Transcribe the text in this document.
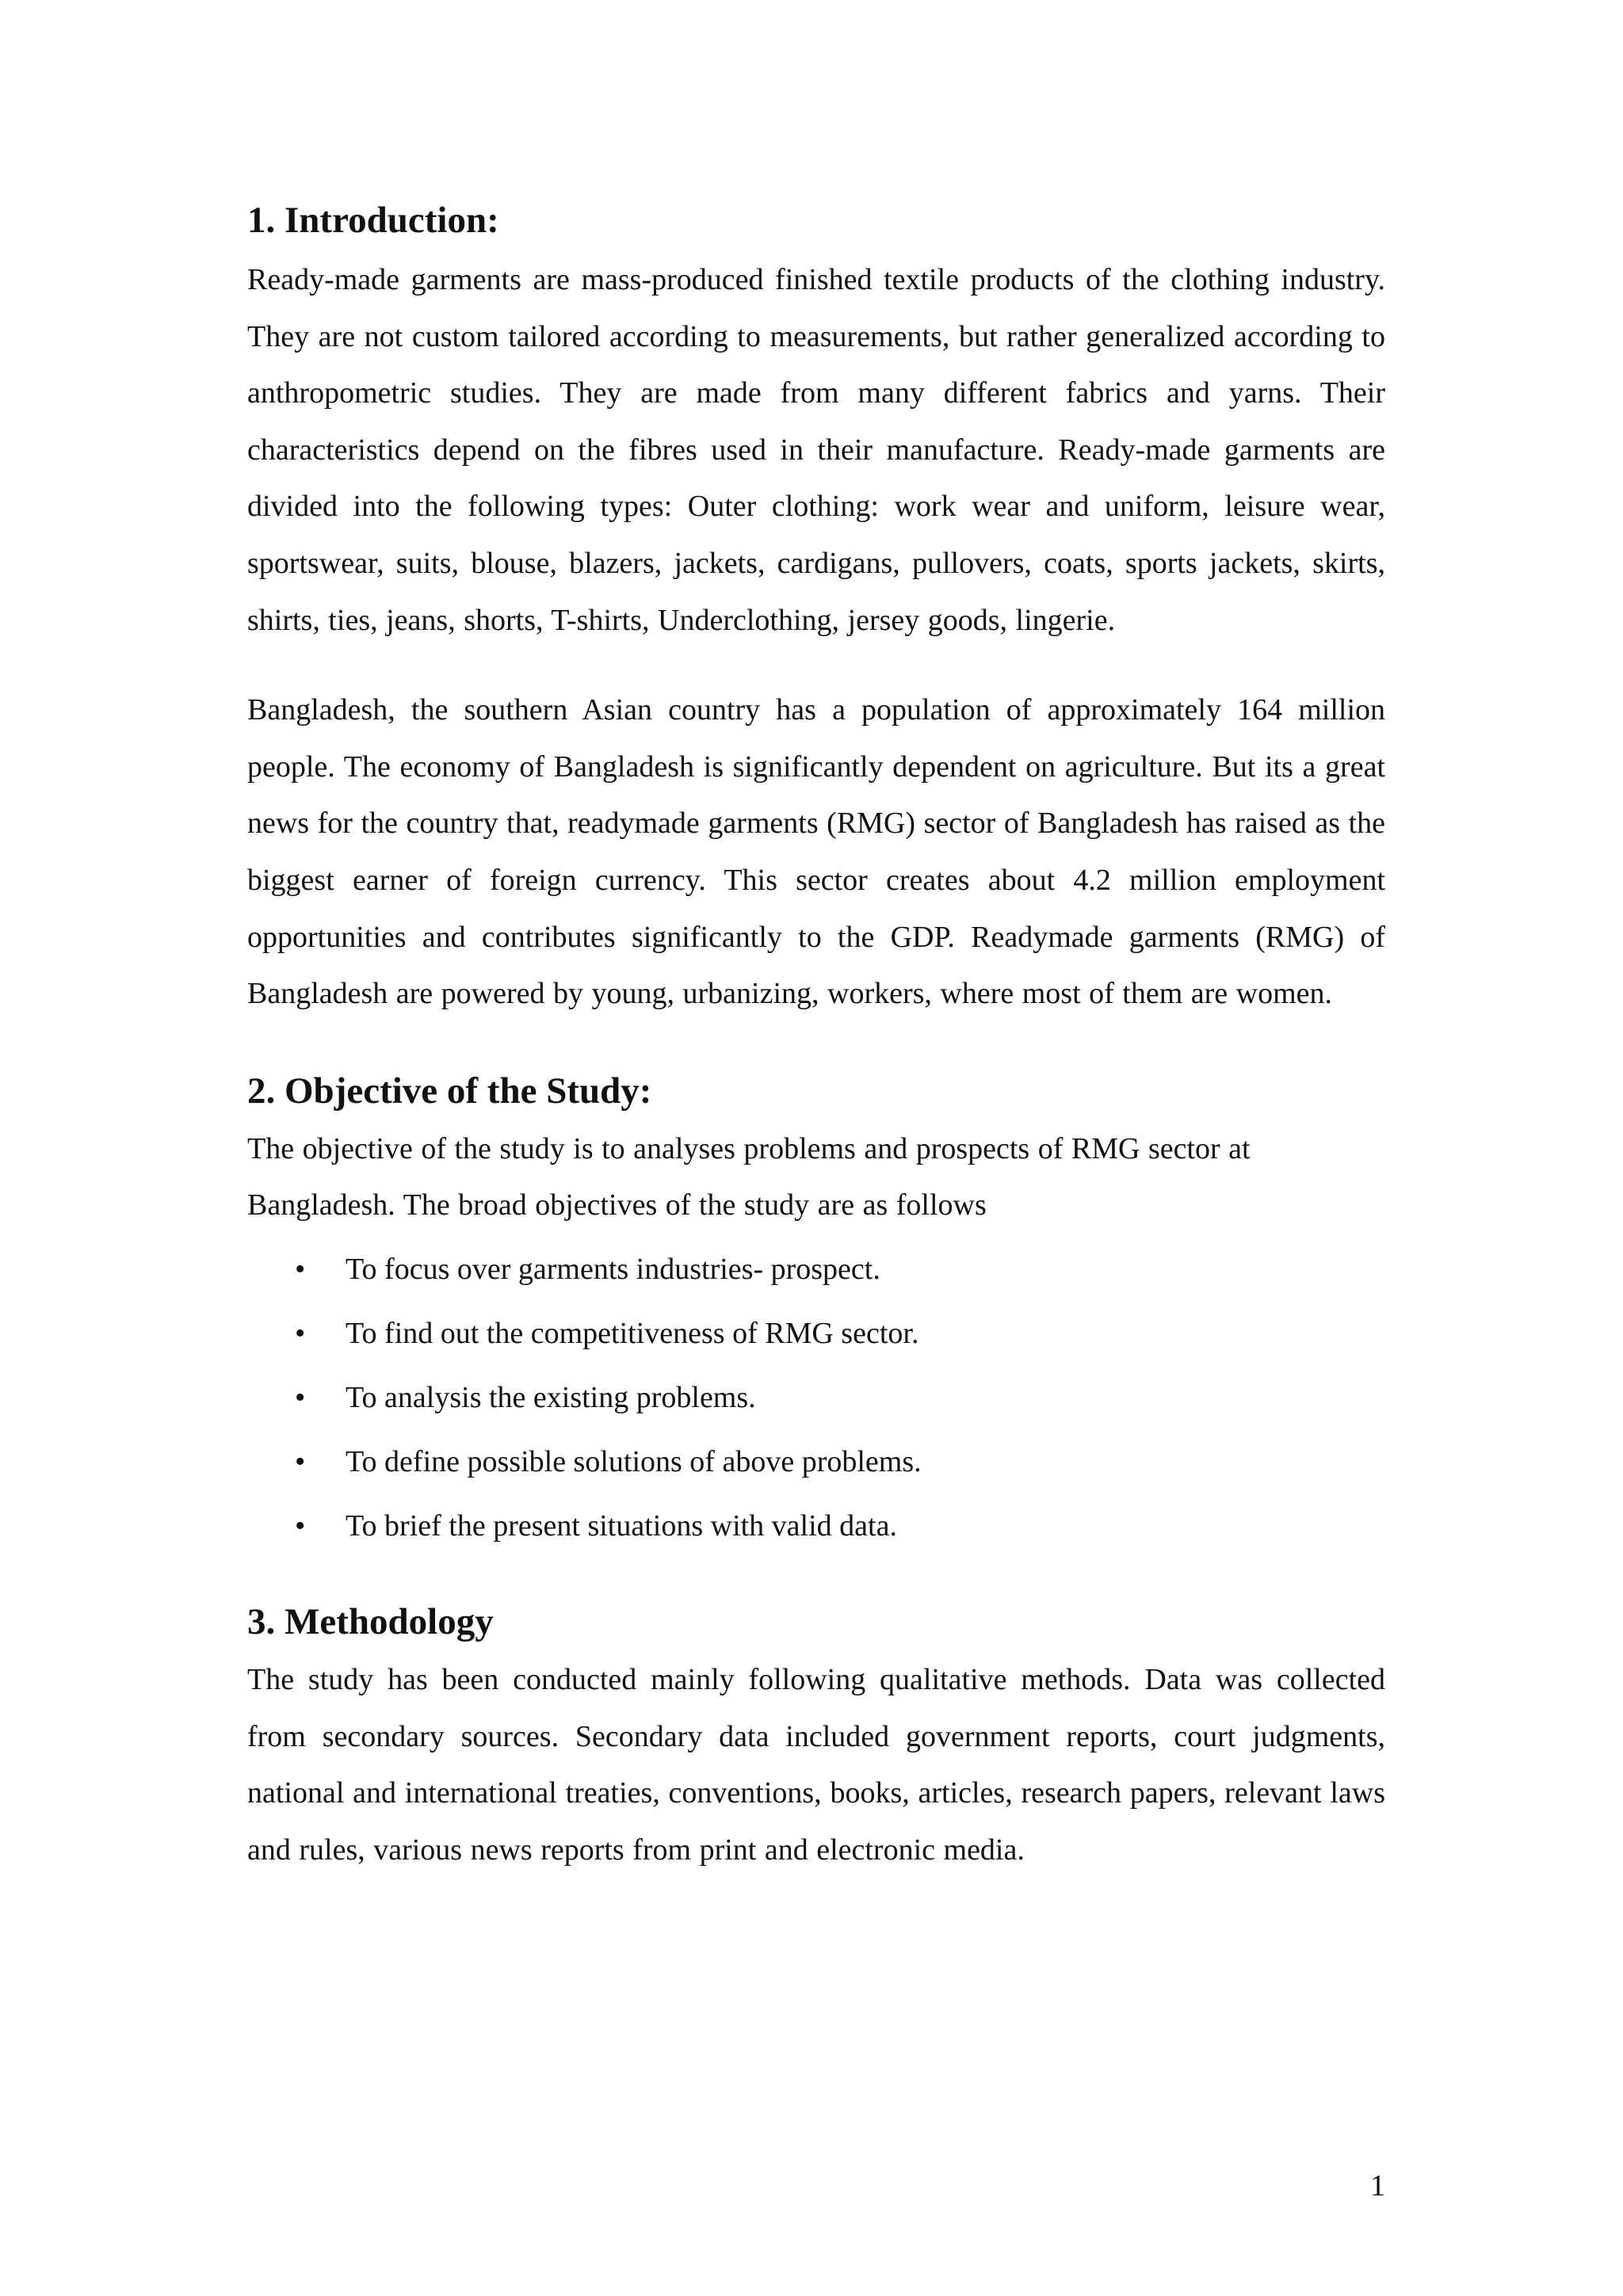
1. Introduction:

Ready-made garments are mass-produced finished textile products of the clothing industry. They are not custom tailored according to measurements, but rather generalized according to anthropometric studies. They are made from many different fabrics and yarns. Their characteristics depend on the fibres used in their manufacture. Ready-made garments are divided into the following types: Outer clothing: work wear and uniform, leisure wear, sportswear, suits, blouse, blazers, jackets, cardigans, pullovers, coats, sports jackets, skirts, shirts, ties, jeans, shorts, T-shirts, Underclothing, jersey goods, lingerie.

Bangladesh, the southern Asian country has a population of approximately 164 million people. The economy of Bangladesh is significantly dependent on agriculture. But its a great news for the country that, readymade garments (RMG) sector of Bangladesh has raised as the biggest earner of foreign currency. This sector creates about 4.2 million employment opportunities and contributes significantly to the GDP. Readymade garments (RMG) of Bangladesh are powered by young, urbanizing, workers, where most of them are women.

2. Objective of the Study:

The objective of the study is to analyses problems and prospects of RMG sector at Bangladesh. The broad objectives of the study are as follows

• To focus over garments industries- prospect.
• To find out the competitiveness of RMG sector.
• To analysis the existing problems.
• To define possible solutions of above problems.
• To brief the present situations with valid data.
3. Methodology

The study has been conducted mainly following qualitative methods. Data was collected from secondary sources. Secondary data included government reports, court judgments, national and international treaties, conventions, books, articles, research papers, relevant laws and rules, various news reports from print and electronic media.

1
